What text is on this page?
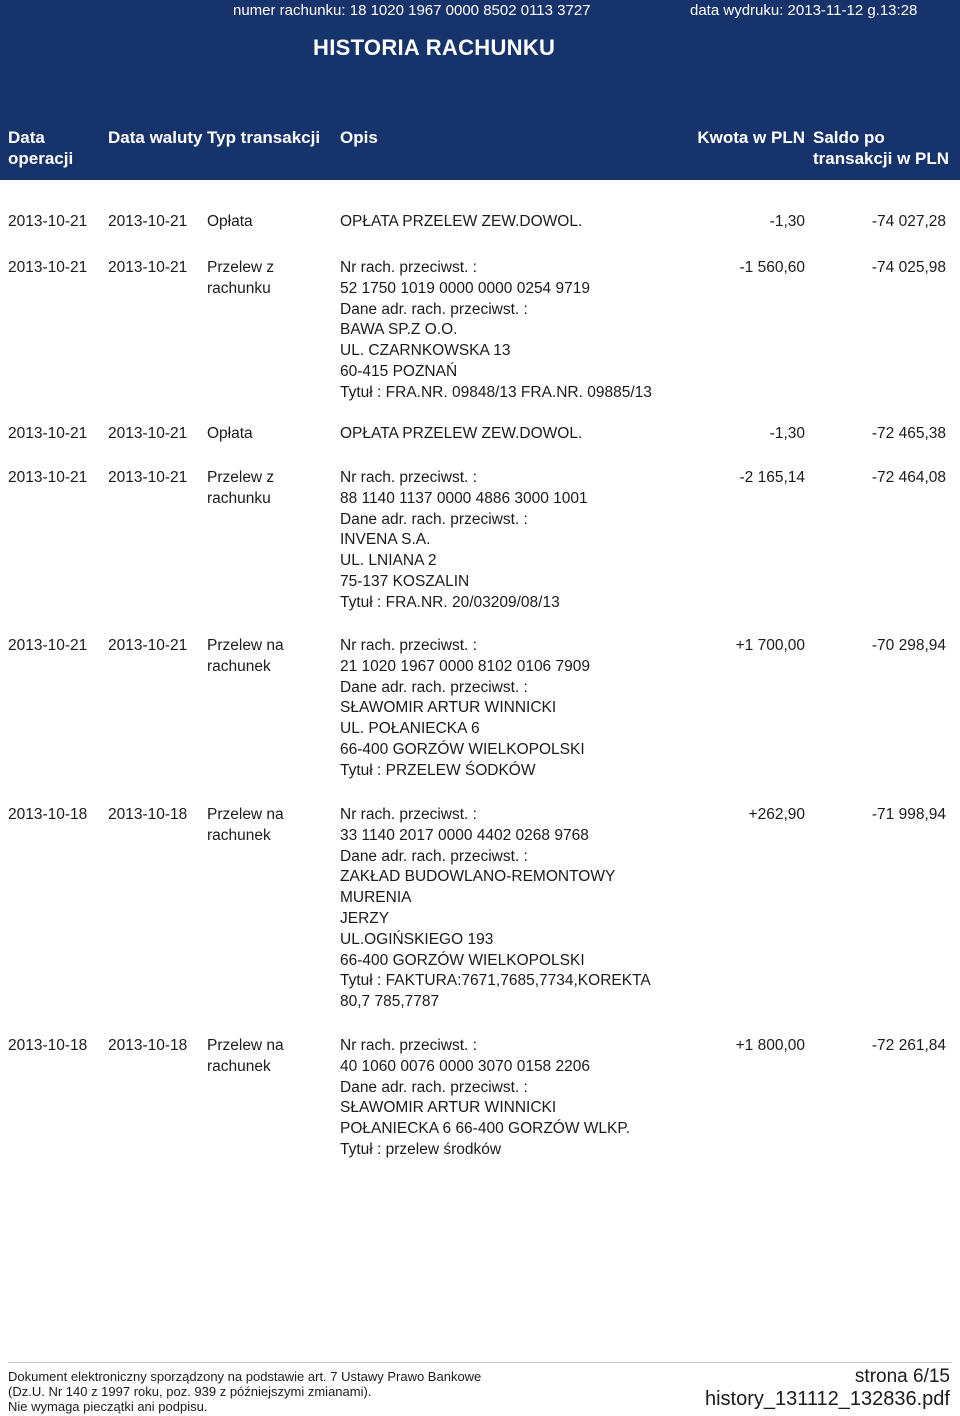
numer rachunku: 18 1020 1967 0000 8502 0113 3727	data wydruku: 2013-11-12 g.13:28
HISTORIA RACHUNKU
Data
operacji
Data waluty Typ transakcji Opis	Kwota w PLN Saldo po
transakcji w PLN
2013-10-21 2013-10-21 Opłata	OPŁATA PRZELEW ZEW.DOWOL.	-1,30	-74 027,28
2013-10-21 2013-10-21 Przelew z
rachunku
Nr rach. przeciwst. :
52 1750 1019 0000 0000 0254 9719
Dane adr. rach. przeciwst. :
BAWA SP.Z O.O.
UL. CZARNKOWSKA 13
60-415 POZNAŃ
Tytuł : FRA.NR. 09848/13 FRA.NR. 09885/13
-1 560,60	-74 025,98
2013-10-21 2013-10-21 Opłata	OPŁATA PRZELEW ZEW.DOWOL.	-1,30	-72 465,38
2013-10-21 2013-10-21 Przelew z
rachunku
Nr rach. przeciwst. :
88 1140 1137 0000 4886 3000 1001
Dane adr. rach. przeciwst. :
INVENA S.A.
UL. LNIANA 2
75-137 KOSZALIN
Tytuł : FRA.NR. 20/03209/08/13
-2 165,14	-72 464,08
2013-10-21 2013-10-21 Przelew na
rachunek
Nr rach. przeciwst. :
21 1020 1967 0000 8102 0106 7909
Dane adr. rach. przeciwst. :
SŁAWOMIR ARTUR WINNICKI
UL. POŁANIECKA 6
66-400 GORZÓW WIELKOPOLSKI
Tytuł : PRZELEW ŚODKÓW
+1 700,00	-70 298,94
2013-10-18 2013-10-18 Przelew na
rachunek
Nr rach. przeciwst. :
33 1140 2017 0000 4402 0268 9768
Dane adr. rach. przeciwst. :
ZAKŁAD BUDOWLANO-REMONTOWY
MURENIA
JERZY
UL.OGIŃSKIEGO 193
66-400 GORZÓW WIELKOPOLSKI
Tytuł : FAKTURA:7671,7685,7734,KOREKTA
80,7 785,7787
+262,90	-71 998,94
2013-10-18 2013-10-18 Przelew na
rachunek
Nr rach. przeciwst. :
40 1060 0076 0000 3070 0158 2206
Dane adr. rach. przeciwst. :
SŁAWOMIR ARTUR WINNICKI
POŁANIECKA 6 66-400 GORZÓW WLKP.
Tytuł : przelew środków
+1 800,00	-72 261,84
Dokument elektroniczny sporządzony na podstawie art. 7 Ustawy Prawo Bankowe
(Dz.U. Nr 140 z 1997 roku, poz. 939 z późniejszymi zmianami).
Nie wymaga pieczątki ani podpisu.
strona 6/15
history_131112_132836.pdf
